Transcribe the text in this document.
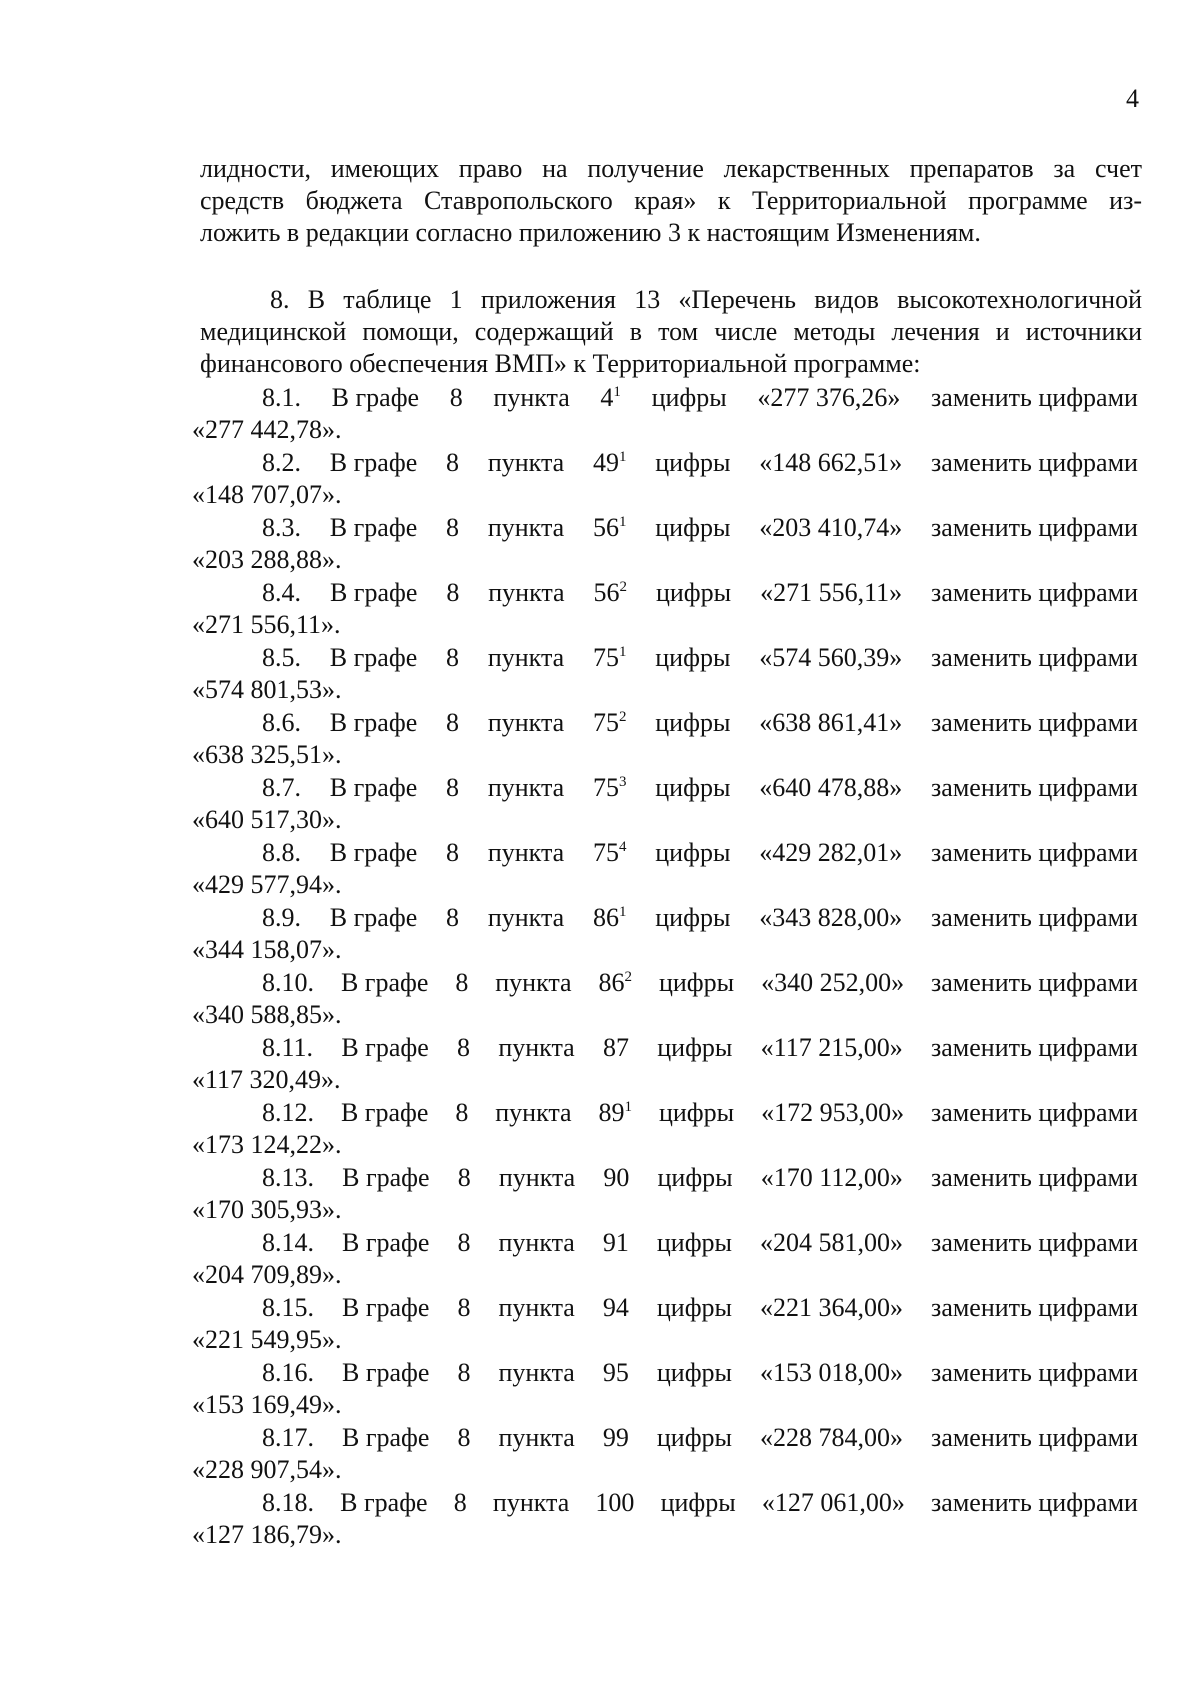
4
лидности, имеющих право на получение лекарственных препаратов за счет
средств бюджета Ставропольского края» к Территориальной программе из-
ложить в редакции согласно приложению 3 к настоящим Изменениям.
8. В таблице 1 приложения 13 «Перечень видов высокотехнологичной
медицинской помощи, содержащий в том числе методы лечения и источники
финансового обеспечения ВМП» к Территориальной программе:
8.1. В графе 8 пункта $4^1$ цифры «277 376,26» заменить цифрами
«277 442,78».
8.2. В графе 8 пункта $49^1$ цифры «148 662,51» заменить цифрами
«148 707,07».
8.3. В графе 8 пункта $56^1$ цифры «203 410,74» заменить цифрами
«203 288,88».
8.4. В графе 8 пункта $56^2$ цифры «271 556,11» заменить цифрами
«271 556,11».
8.5. В графе 8 пункта $75^1$ цифры «574 560,39» заменить цифрами
«574 801,53».
8.6. В графе 8 пункта $75^2$ цифры «638 861,41» заменить цифрами
«638 325,51».
8.7. В графе 8 пункта $75^3$ цифры «640 478,88» заменить цифрами
«640 517,30».
8.8. В графе 8 пункта $75^4$ цифры «429 282,01» заменить цифрами
«429 577,94».
8.9. В графе 8 пункта $86^1$ цифры «343 828,00» заменить цифрами
«344 158,07».
8.10. В графе 8 пункта $86^2$ цифры «340 252,00» заменить цифрами
«340 588,85».
8.11. В графе 8 пункта 87 цифры «117 215,00» заменить цифрами
«117 320,49».
8.12. В графе 8 пункта $89^1$ цифры «172 953,00» заменить цифрами
«173 124,22».
8.13. В графе 8 пункта 90 цифры «170 112,00» заменить цифрами
«170 305,93».
8.14. В графе 8 пункта 91 цифры «204 581,00» заменить цифрами
«204 709,89».
8.15. В графе 8 пункта 94 цифры «221 364,00» заменить цифрами
«221 549,95».
8.16. В графе 8 пункта 95 цифры «153 018,00» заменить цифрами
«153 169,49».
8.17. В графе 8 пункта 99 цифры «228 784,00» заменить цифрами
«228 907,54».
8.18. В графе 8 пункта 100 цифры «127 061,00» заменить цифрами
«127 186,79».
